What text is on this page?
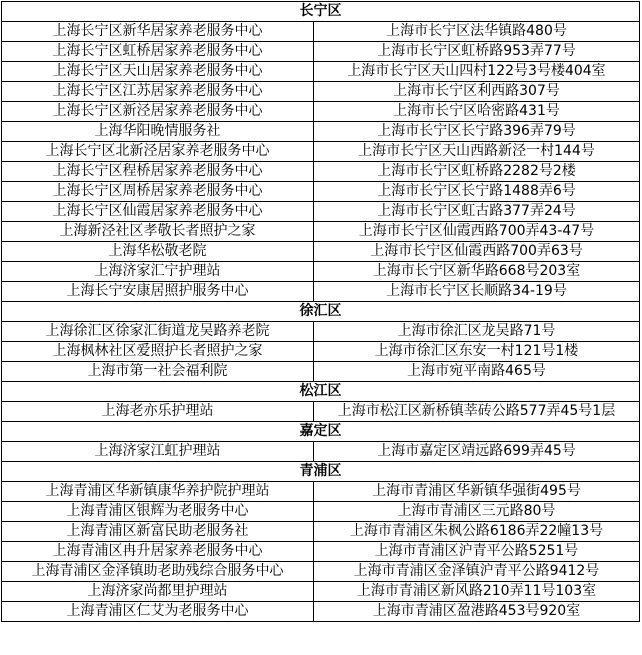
长宁区	
上海长宁区新华居家养老服务中心	上海市长宁区法华镇路480号
上海长宁区虹桥居家养老服务中心	上海市长宁区虹桥路953弄77号
上海长宁区天山居家养老服务中心	上海市长宁区天山四村122号3号楼404室
上海长宁区江苏居家养老服务中心	上海市长宁区利西路307号
上海长宁区新泾居家养老服务中心	上海市长宁区哈密路431号
上海华阳晚情服务社	上海市长宁区长宁路396弄79号
上海长宁区北新泾居家养老服务中心	上海市长宁区天山西路新泾一村144号
上海长宁区程桥居家养老服务中心	上海市长宁区虹桥路2282号2楼
上海长宁区周桥居家养老服务中心	上海市长宁区长宁路1488弄6号
上海长宁区仙霞居家养老服务中心	上海市长宁区虹古路377弄24号
上海新泾社区孝敬长者照护之家	上海市长宁区仙霞西路700弄43-47号
上海华松敬老院	上海市长宁区仙霞西路700弄63号
上海济家汇宁护理站	上海市长宁区新华路668号203室
上海长宁安康居照护服务中心	上海市长宁区长顺路34-19号
徐汇区	
上海徐汇区徐家汇街道龙吴路养老院	上海市徐汇区龙吴路71号
上海枫林社区爱照护长者照护之家	上海市徐汇区东安一村121号1楼
上海市第一社会福利院	上海市宛平南路465号
松江区	
上海老亦乐护理站	上海市松江区新桥镇莘砖公路577弄45号1层
嘉定区	
上海济家江虹护理站	上海市嘉定区靖远路699弄45号
青浦区	
上海青浦区华新镇康华养护院护理站	上海市青浦区华新镇华强街495号
上海青浦区银辉为老服务中心	上海市青浦区三元路80号
上海青浦区新富民助老服务社	上海市青浦区朱枫公路6186弄22幢13号
上海青浦区冉升居家养老服务中心	上海市青浦区沪青平公路5251号
上海青浦区金泽镇助老助残综合服务中心	上海市青浦区金泽镇沪青平公路9412号
上海济家尚都里护理站	上海市青浦区新风路210弄11号103室
上海青浦区仁艾为老服务中心	上海市青浦区盈港路453号920室
